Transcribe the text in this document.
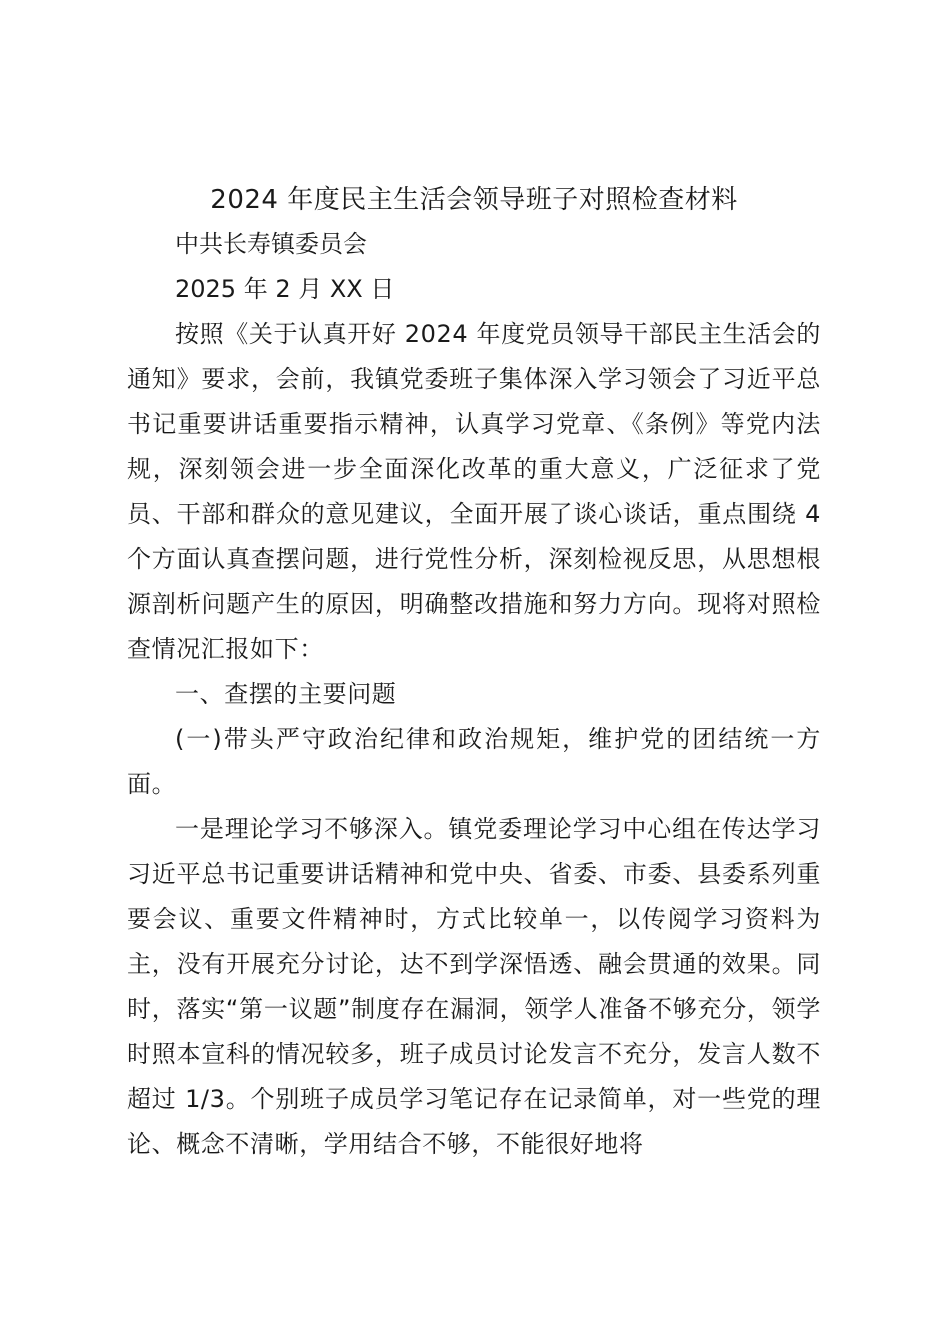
2024 年度民主生活会领导班子对照检查材料

中共长寿镇委员会

2025 年 2 月 XX 日

按照《关于认真开好 2024 年度党员领导干部民主生活会的通知》要求，会前，我镇党委班子集体深入学习领会了习近平总书记重要讲话重要指示精神，认真学习党章、《条例》等党内法规，深刻领会进一步全面深化改革的重大意义，广泛征求了党员、干部和群众的意见建议，全面开展了谈心谈话，重点围绕 4 个方面认真查摆问题，进行党性分析，深刻检视反思，从思想根源剖析问题产生的原因，明确整改措施和努力方向。现将对照检查情况汇报如下：

一、查摆的主要问题

(一)带头严守政治纪律和政治规矩，维护党的团结统一方面。

一是理论学习不够深入。镇党委理论学习中心组在传达学习习近平总书记重要讲话精神和党中央、省委、市委、县委系列重要会议、重要文件精神时，方式比较单一，以传阅学习资料为主，没有开展充分讨论，达不到学深悟透、融会贯通的效果。同时，落实“第一议题”制度存在漏洞，领学人准备不够充分，领学时照本宣科的情况较多，班子成员讨论发言不充分，发言人数不超过 1/3。个别班子成员学习笔记存在记录简单，对一些党的理论、概念不清晰，学用结合不够，不能很好地将
